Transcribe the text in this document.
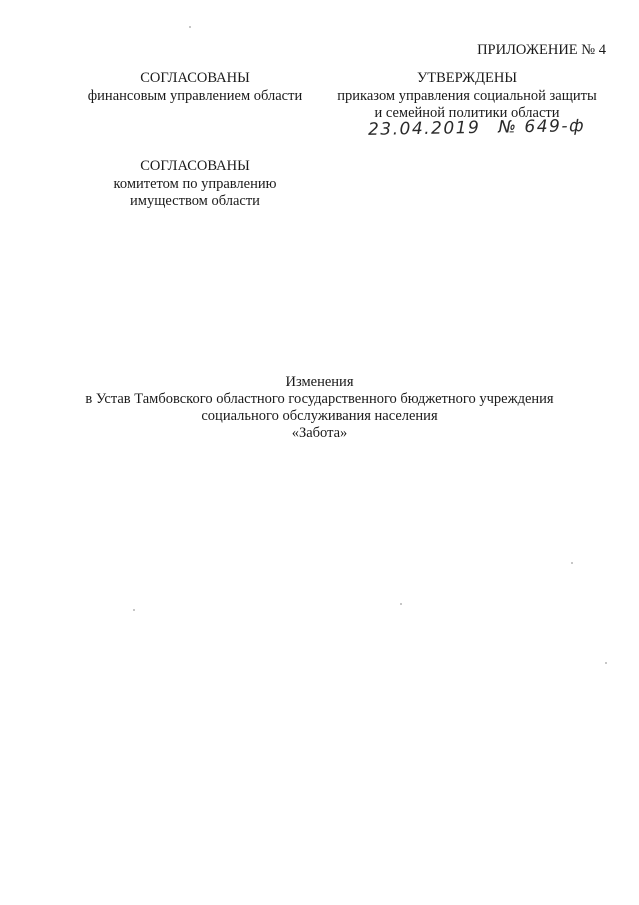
ПРИЛОЖЕНИЕ № 4
СОГЛАСОВАНЫ
финансовым управлением области
УТВЕРЖДЕНЫ
приказом управления социальной защиты
и семейной политики области
23.04.2019 № 649-ф
СОГЛАСОВАНЫ
комитетом по управлению
имуществом области
Изменения
в Устав Тамбовского областного государственного бюджетного учреждения
социального обслуживания населения
«Забота»
